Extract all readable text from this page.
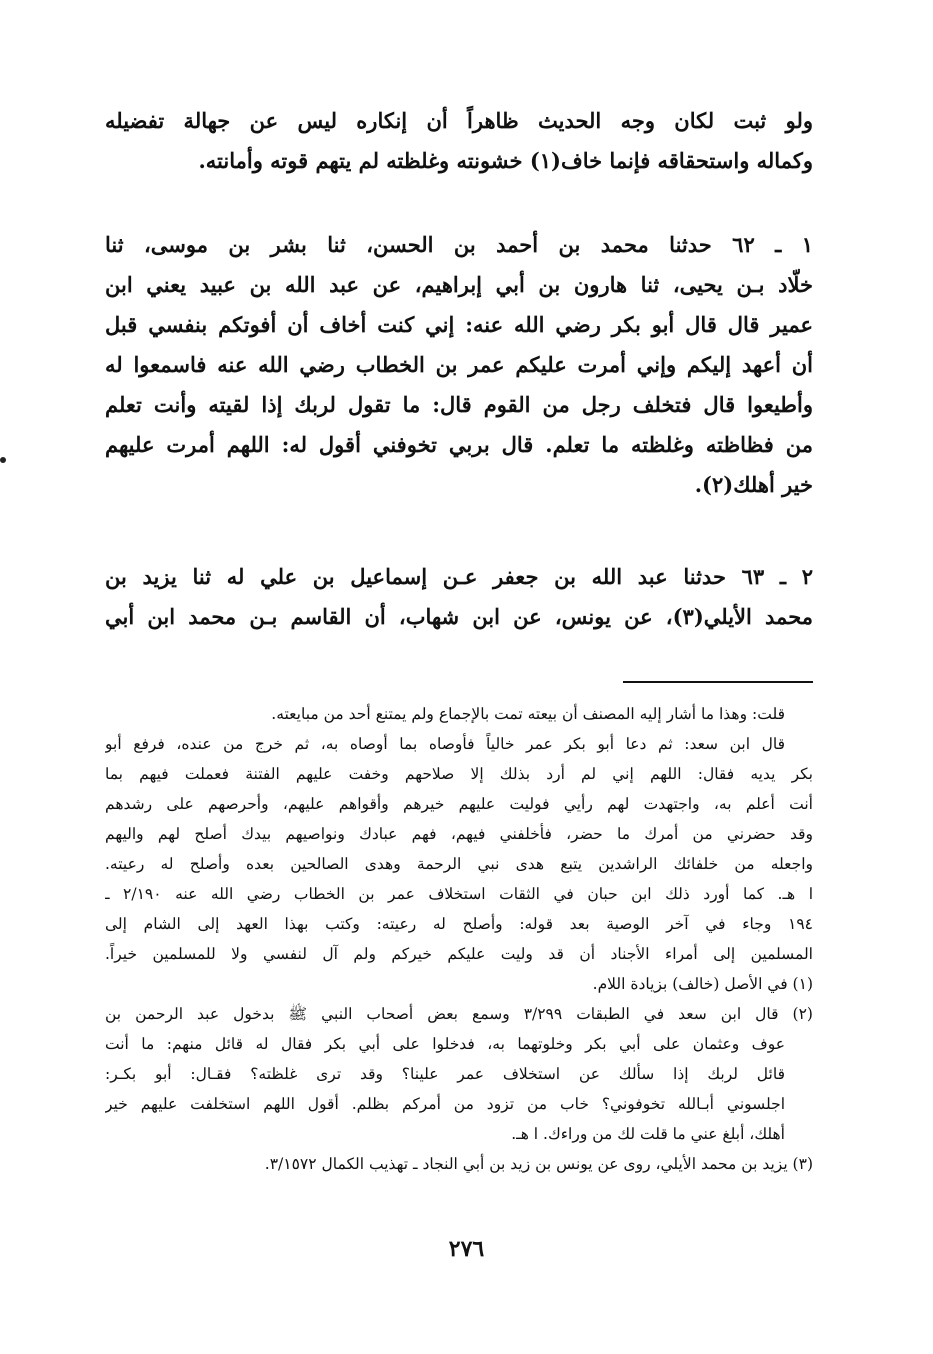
ولو ثبت لكان وجه الحديث ظاهراً أن إنكاره ليس عن جهالة تفضيله
وكماله واستحقاقه فإنما خاف(١) خشونته وغلظته لم يتهم قوته وأمانته.
١ ـ ٦٢ حدثنا محمد بن أحمد بن الحسن، ثنا بشر بن موسى، ثنا
خلّاد بـن يحيى، ثنا هارون بن أبي إبراهيم، عن عبد الله بن عبيد يعني ابن
عمير قال قال أبو بكر رضي الله عنه: إني كنت أخاف أن أفوتكم بنفسي قبل
أن أعهد إليكم وإني أمرت عليكم عمر بن الخطاب رضي الله عنه فاسمعوا له
وأطيعوا قال فتخلف رجل من القوم قال: ما تقول لربك إذا لقيته وأنت تعلم
من فظاظته وغلظته ما تعلم. قال بربي تخوفني أقول له: اللهم أمرت عليهم
خير أهلك(٢).
٢ ـ ٦٣ حدثنا عبد الله بن جعفر عـن إسماعيل بن علي له ثنا يزيد بن
محمد الأيلي(٣)، عن يونس، عن ابن شهاب، أن القاسم بـن محمد ابن أبي
قلت: وهذا ما أشار إليه المصنف أن بيعته تمت بالإجماع ولم يمتنع أحد من مبايعته.
قال ابن سعد: ثم دعا أبو بكر عمر خالياً فأوصاه بما أوصاه به، ثم خرج من عنده، فرفع أبو
بكر يديه فقال: اللهم إني لم أرد بذلك إلا صلاحهم وخفت عليهم الفتنة فعملت فيهم بما
أنت أعلم به، واجتهدت لهم رأيي فوليت عليهم خيرهم وأقواهم عليهم، وأحرصهم على رشدهم
وقد حضرني من أمرك ما حضر، فأخلفني فيهم، فهم عبادك ونواصيهم بيدك أصلح لهم واليهم
واجعله من خلفائك الراشدين يتبع هدى نبي الرحمة وهدى الصالحين بعده وأصلح له رعيته.
ا هـ. كما أورد ذلك ابن حبان في الثقات استخلاف عمر بن الخطاب رضي الله عنه ٢/١٩٠ ـ
١٩٤ وجاء في آخر الوصية بعد قوله: وأصلح له رعيته: وكتب بهذا العهد إلى الشام إلى
المسلمين إلى أمراء الأجناد أن قد وليت عليكم خيركم ولم آل لنفسي ولا للمسلمين خيراً.
(١) في الأصل (خالف) بزيادة اللام.
(٢) قال ابن سعد في الطبقات ٣/٢٩٩ وسمع بعض أصحاب النبي ﷺ بدخول عبد الرحمن بن
عوف وعثمان على أبي بكر وخلوتهما به، فدخلوا على أبي بكر فقال له قائل منهم: ما أنت
قائل لربك إذا سألك عن استخلاف عمر علينا؟ وقد ترى غلظته؟ فقـال: أبو بكـر:
اجلسوني أبـالله تخوفوني؟ خاب من تزود من أمركم بظلم. أقول اللهم استخلفت عليهم خير
أهلك، أبلغ عني ما قلت لك من وراءك. ا هـ.
(٣) يزيد بن محمد الأيلي، روى عن يونس بن زيد بن أبي النجاد ـ تهذيب الكمال ٣/١٥٧٢.
٢٧٦
